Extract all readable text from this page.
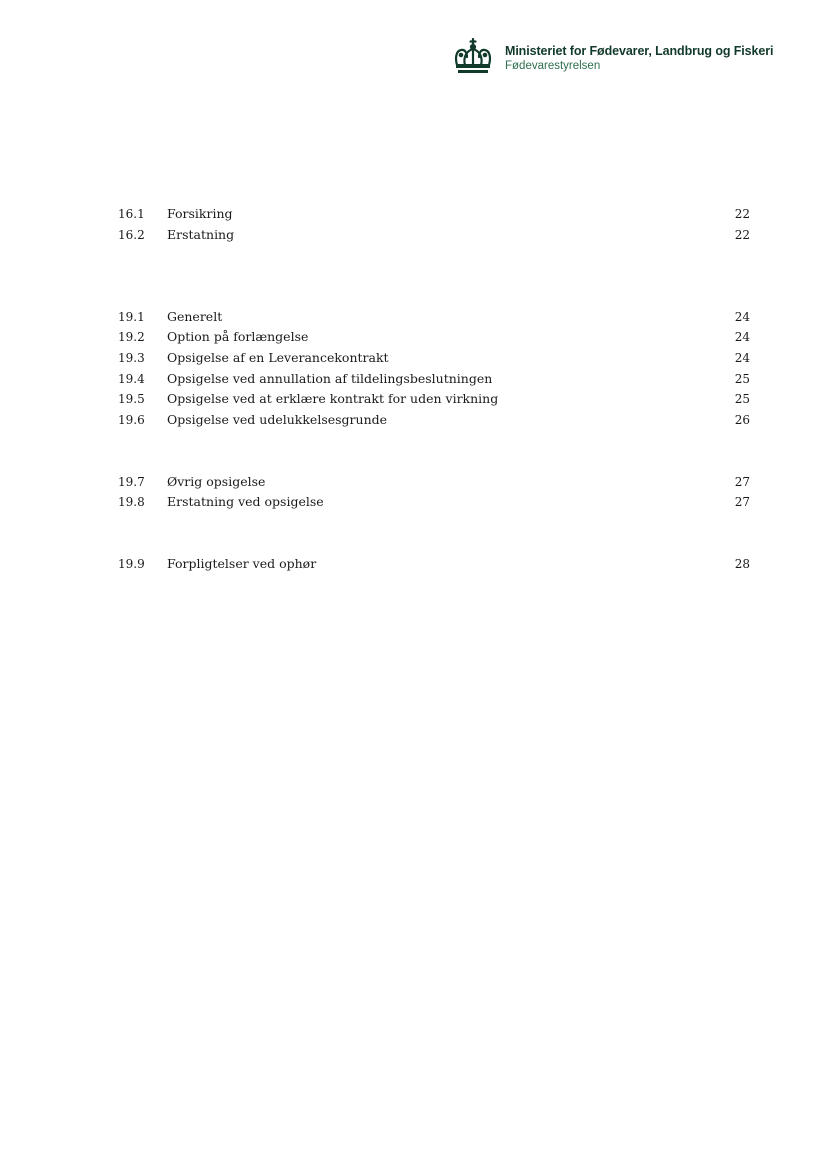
Ministeriet for Fødevarer, Landbrug og Fiskeri
Fødevarestyrelsen
16.1 Forsikring	22
16.2 Erstatning	22
19.1 Generelt	24
19.2 Option på forlængelse	24
19.3 Opsigelse af en Leverancekontrakt	24
19.4 Opsigelse ved annullation af tildelingsbeslutningen	25
19.5 Opsigelse ved at erklære kontrakt for uden virkning	25
19.6 Opsigelse ved udelukkelsesgrunde	26
19.7 Øvrig opsigelse	27
19.8 Erstatning ved opsigelse	27
19.9 Forpligtelser ved ophør	28
